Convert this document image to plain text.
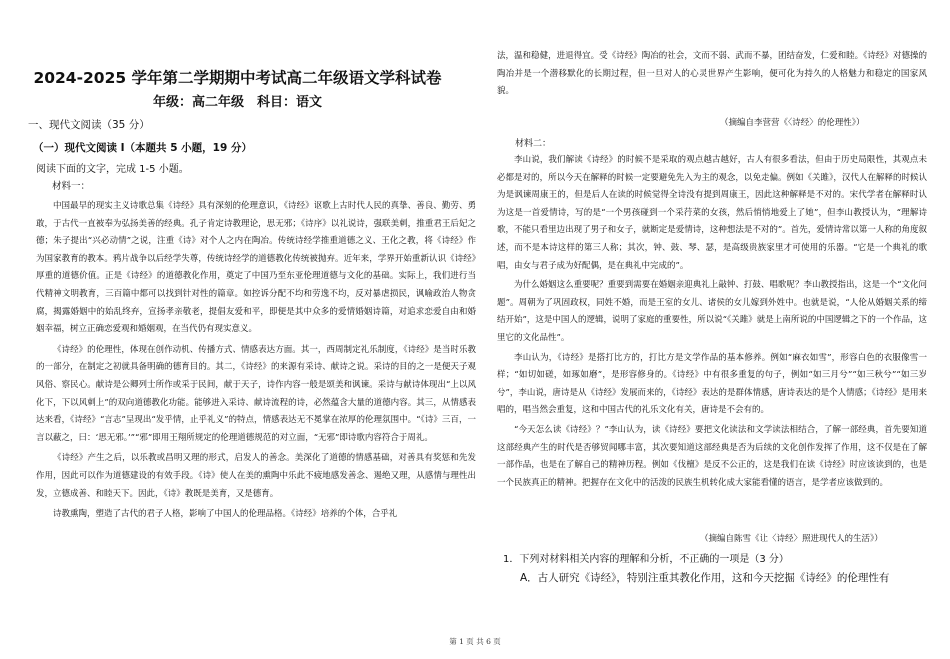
2024-2025 学年第二学期期中考试高二年级语文学科试卷
年级：高二年级　科目：语文
一、现代文阅读（35 分）
（一）现代文阅读 I（本题共 5 小题，19 分）
阅读下面的文字，完成 1-5 小题。
材料一：

中国最早的现实主义诗歌总集《诗经》具有深刻的伦理意识，《诗经》讴歌上古时代人民的真挚、善良、勤劳、勇敢，于古代一直被奉为弘扬美善的经典。孔子肯定诗教理论，思无邪；《诗序》以礼说诗，强联美刺，推重君王后妃之德；朱子提出“兴必动情”之说，注重《诗》对个人之内在陶冶。传统诗经学推重道德之义、王化之教，将《诗经》作为国家教育的教本。鸦片战争以后经学失尊，传统诗经学的道德教化传统被抛弃。近年来，学界开始重新认识《诗经》厚重的道德价值。正是《诗经》的道德教化作用，奠定了中国乃至东亚伦理道德与文化的基础。实际上，我们进行当代精神文明教育，三百篇中都可以找到针对性的篇章。如控诉分配不均和劳逸不均，反对暴虐损民，讽喻政治人物贪腐，揭露婚姻中的始乱终弃，宣扬孝亲敬老，提倡友爱和平，即便是其中众多的爱情婚姻诗篇，对追求恋爱自由和婚姻幸福，树立正确恋爱观和婚姻观，在当代仍有现实意义。

《诗经》的伦理性，体现在创作动机、传播方式、情感表达方面。其一，西周制定礼乐制度，《诗经》是当时乐教的一部分，在制定之初就具备明确的德育目的。其二，《诗经》的来源有采诗、献诗之说。采诗的目的之一是便天子观风俗、察民心。献诗是公卿列士所作或采于民间，献于天子，诗作内容一般是颂美和讽谏。采诗与献诗体现出“上以风化下，下以风刺上”的双向道德教化功能。能够进入采诗、献诗流程的诗，必然蕴含大量的道德内容。其三，从情感表达来看，《诗经》“言志”呈现出“发乎情，止乎礼义”的特点，情感表达无不冕掌在浓厚的伦理氛围中。“《诗》三百，一言以蔽之，曰：‘思无邪。’”“邪”即用王翔所规定的伦理道德规范的对立面，“无邪”即诗歌内容符合于周礼。

《诗经》产生之后，以乐教或昌明又理的形式，启发人的善念。美深化了道德的情感基础，对善具有奖惩和先发作用，因此可以作为道德建设的有效手段。《诗》使人在美的熏陶中乐此不疲地感发善念、遏绝又理，从感情与理性出发，立德成善、和睦天下。因此，《诗》教既是美育，又是德育。

诗教熏陶，塑造了古代的君子人格，影响了中国人的伦理品格。《诗经》培养的个体，合乎礼

法，温和稳健，进退得宜。受《诗经》陶冶的社会，文而不弱、武而不暴，团结奋发，仁爱和睦。《诗经》对德操的陶冶并是一个潜移默化的长期过程，但一旦对人的心灵世界产生影响，便可化为持久的人格魅力和稳定的国家风貌。

（摘编自李营营《〈诗经〉的伦理性》）
材料二：

李山说，我们解读《诗经》的时候不是采取的观点越古越好，古人有很多看法，但由于历史局限性，其观点未必都是对的，所以今天在解释的时候一定要避免先入为主的观念，以免走偏。例如《关雎》，汉代人在解释的时候认为是讽谏周康王的，但是后人在读的时候觉得全诗没有提到周康王，因此这种解释是不对的。宋代学者在解释时认为这是一首爱情诗，写的是“一个男孩碰到一个采荇菜的女孩，然后悄悄地爱上了她”，但李山教授认为，“理解诗歌，不能只看里边出现了男子和女子，就断定是爱情诗，这种想法是不对的”。首先，爱情诗常以第一人称的角度叙述，而不是本诗这样的第三人称；其次，钟、鼓、琴、瑟，是高级贵族家里才可使用的乐器。“它是一个典礼的歌唱，由女与君子成为好配偶，是在典礼中完成的”。

为什么婚姻这么重要呢？重要到需要在婚姻亲迎典礼上敲钟、打鼓、唱歌呢？李山教授指出，这是一个“文化问题”。周朝为了巩固政权，同姓不婚，而是王室的女儿、诸侯的女儿嫁到外姓中。也就是说，“人伦从婚姻关系的缔结开始”，这是中国人的逻辑，说明了家庭的重要性，所以说“《关雎》就是上南所说的中国逻辑之下的一个作品，这里它的文化品性”。

李山认为，《诗经》是搭打比方的，打比方是文学作品的基本修养。例如“麻衣如雪”，形容白色的衣服像雪一样；“如切如磋，如琢如磨”，是形容修身的。《诗经》中有很多重复的句子，例如“如三月兮”“如三秋兮”“如三岁兮”，李山说，唐诗是从《诗经》发展而来的，《诗经》表达的是群体情感，唐诗表达的是个人情感；《诗经》是用来唱的，唱当然会重复，这和中国古代的礼乐文化有关，唐诗是不会有的。

“今天怎么读《诗经》？”李山认为，读《诗经》要把文化读法和文学读法相结合，了解一部经典，首先要知道这部经典产生的时代是否够贸闻哪丰富，其次要知道这部经典是否为后续的文化创作发挥了作用，这不仅是在了解一部作品，也是在了解自己的精神历程。例如《伐檀》是反不公正的，这是我们在读《诗经》时应该读到的，也是一个民族真正的精神。把握存在文化中的活泼的民族生机转化成大家能看懂的语言，是学者应该做到的。

（摘编自陈雪《让〈诗经〉照进现代人的生活》）
1．下列对材料相关内容的理解和分析，不正确的一项是（3 分）
A．古人研究《诗经》，特别注重其教化作用，这和今天挖掘《诗经》的伦理性有
第 1 页 共 6 页
